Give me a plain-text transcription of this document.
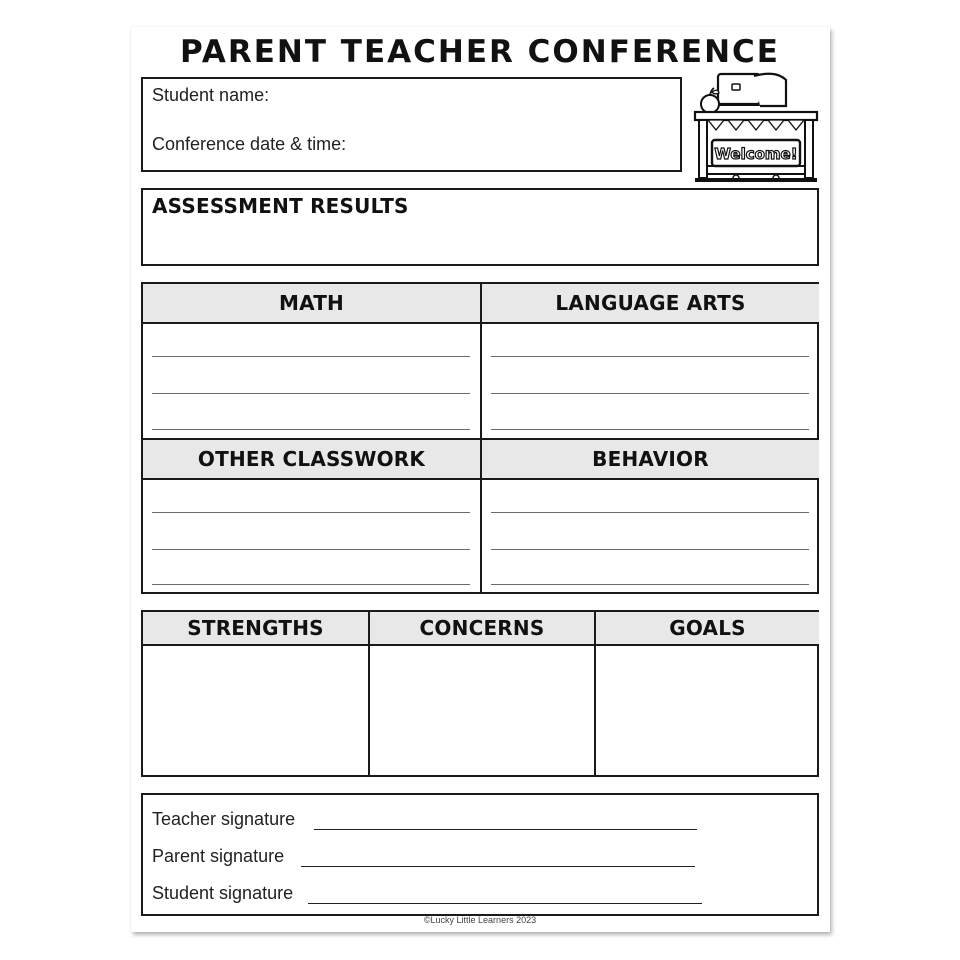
PARENT TEACHER CONFERENCE
Student name:
Conference date & time:	Welcome!
ASSESSMENT RESULTS
MATH	LANGUAGE ARTS
OTHER CLASSWORK	BEHAVIOR
STRENGTHS	CONCERNS	GOALS
Teacher signature
Parent signature
Student signature
©Lucky Little Learners 2023
